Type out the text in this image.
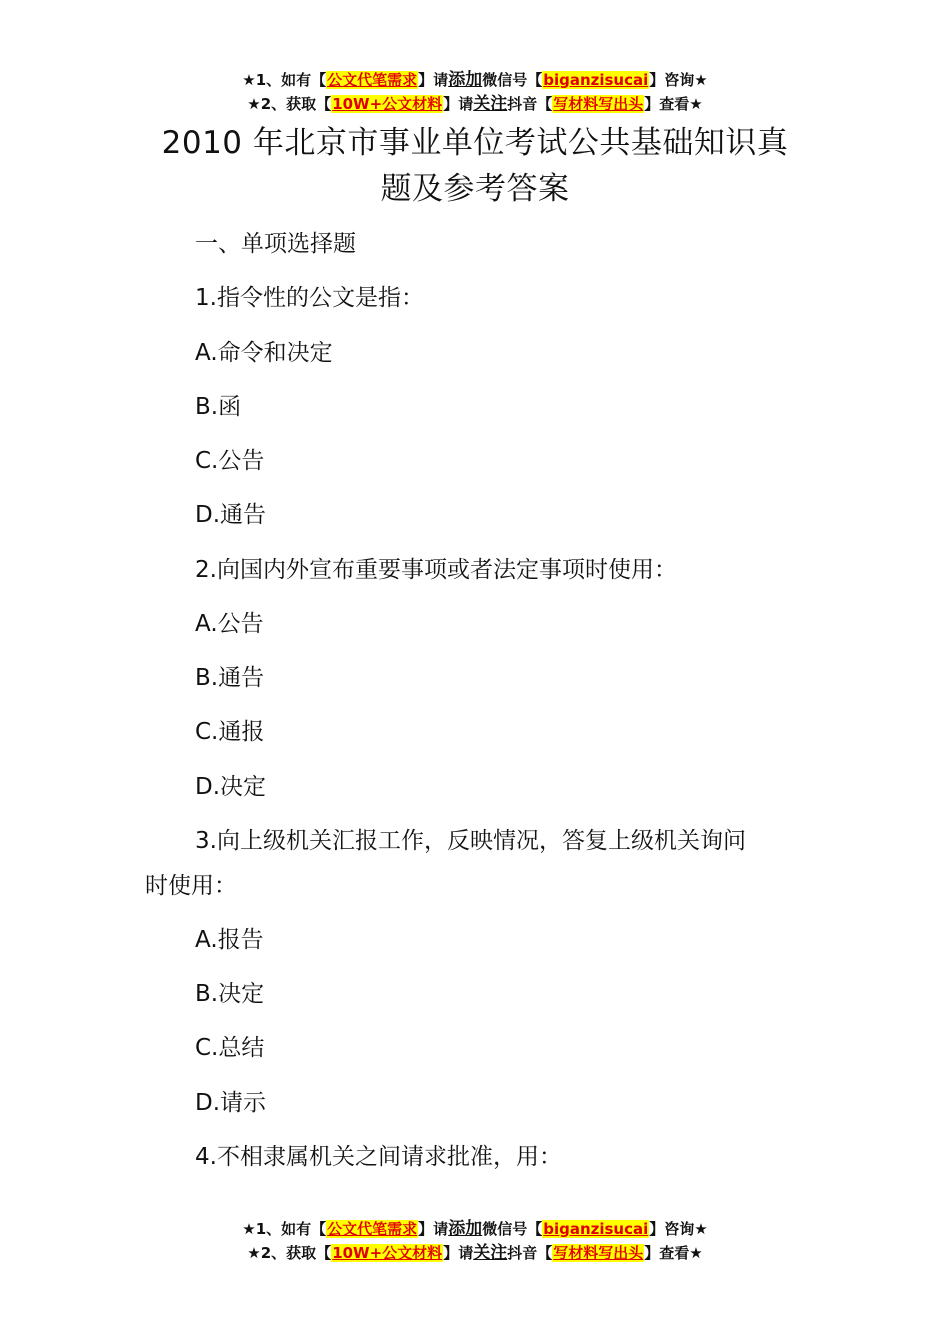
★1、如有【公文代笔需求】请添加微信号【biganzisucai】咨询★
★2、获取【10W+公文材料】请关注抖音【写材料写出头】查看★
2010 年北京市事业单位考试公共基础知识真
题及参考答案
一、单项选择题
1.指令性的公文是指：
A.命令和决定
B.函
C.公告
D.通告
2.向国内外宣布重要事项或者法定事项时使用：
A.公告
B.通告
C.通报
D.决定
3.向上级机关汇报工作，反映情况，答复上级机关询问
时使用：
A.报告
B.决定
C.总结
D.请示
4.不相隶属机关之间请求批准，用：
★1、如有【公文代笔需求】请添加微信号【biganzisucai】咨询★
★2、获取【10W+公文材料】请关注抖音【写材料写出头】查看★
